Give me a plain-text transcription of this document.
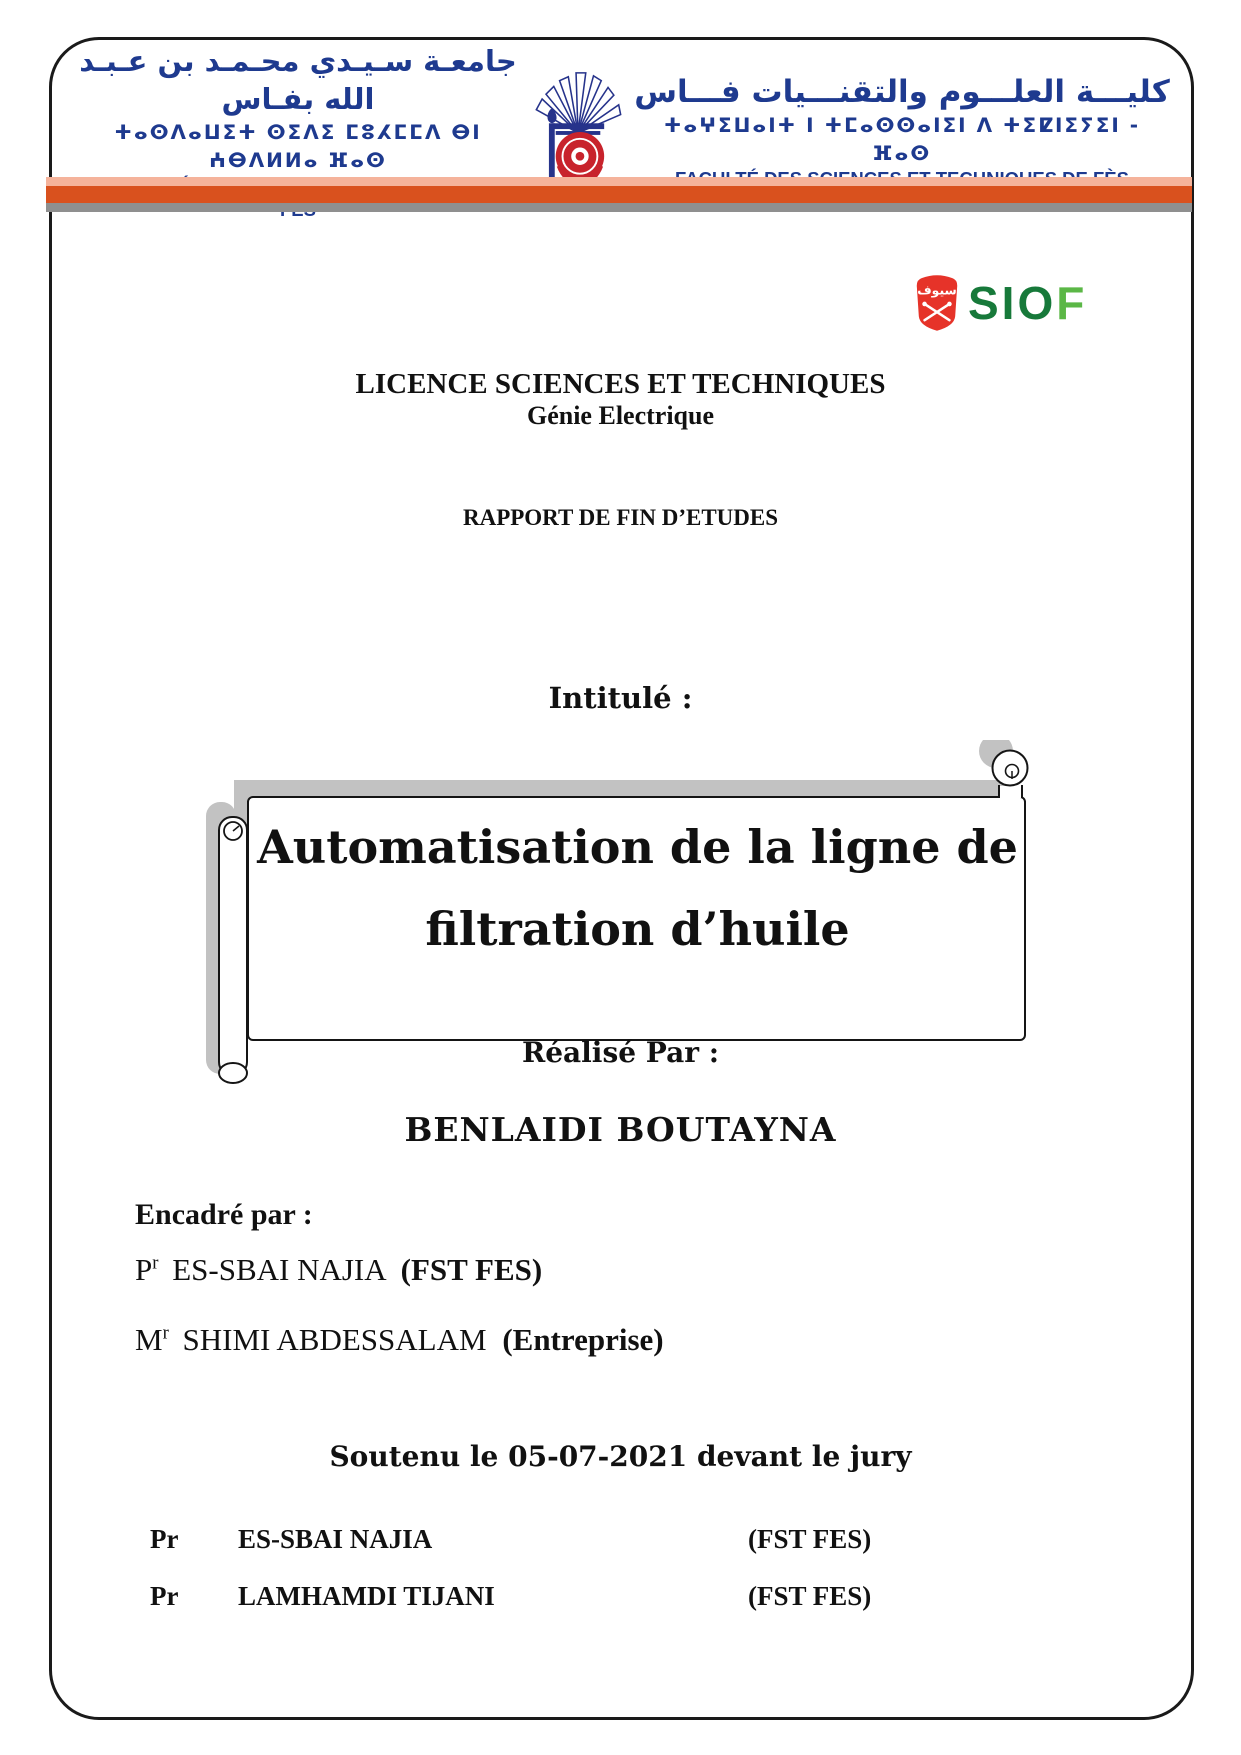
جامعـة سـيـدي محـمـد بن عـبـد الله بفـاس
ⵜⴰⵙⴷⴰⵡⵉⵜ ⵙⵉⴷⵉ ⵎⵓⵃⵎⵎⴷ ⴱⵏ ⵄⴱⴷⵍⵍⴰ ⴼⴰⵙ
كليـــة العلـــوم والتقنـــيات فـــاس
ⵜⴰⵖⵉⵡⴰⵏⵜ ⵏ ⵜⵎⴰⵙⵙⴰⵏⵉⵏ ⴷ ⵜⵉⵇⵏⵉⵢⵉⵏ - ⴼⴰⵙ
سيوف SIOF
LICENCE SCIENCES ET TECHNIQUES
Génie Electrique
RAPPORT DE FIN D’ETUDES
Intitulé :
Automatisation de la ligne de
filtration d’huile
Réalisé Par :
BENLAIDI BOUTAYNA
Encadré par :
$P^r$ ES-SBAI NAJIA (FST FES)
$M^r$ SHIMI ABDESSALAM (Entreprise)
Soutenu le 05-07-2021 devant le jury
Pr ES-SBAI NAJIA	(FST FES)
Pr LAMHAMDI TIJANI	(FST FES)
